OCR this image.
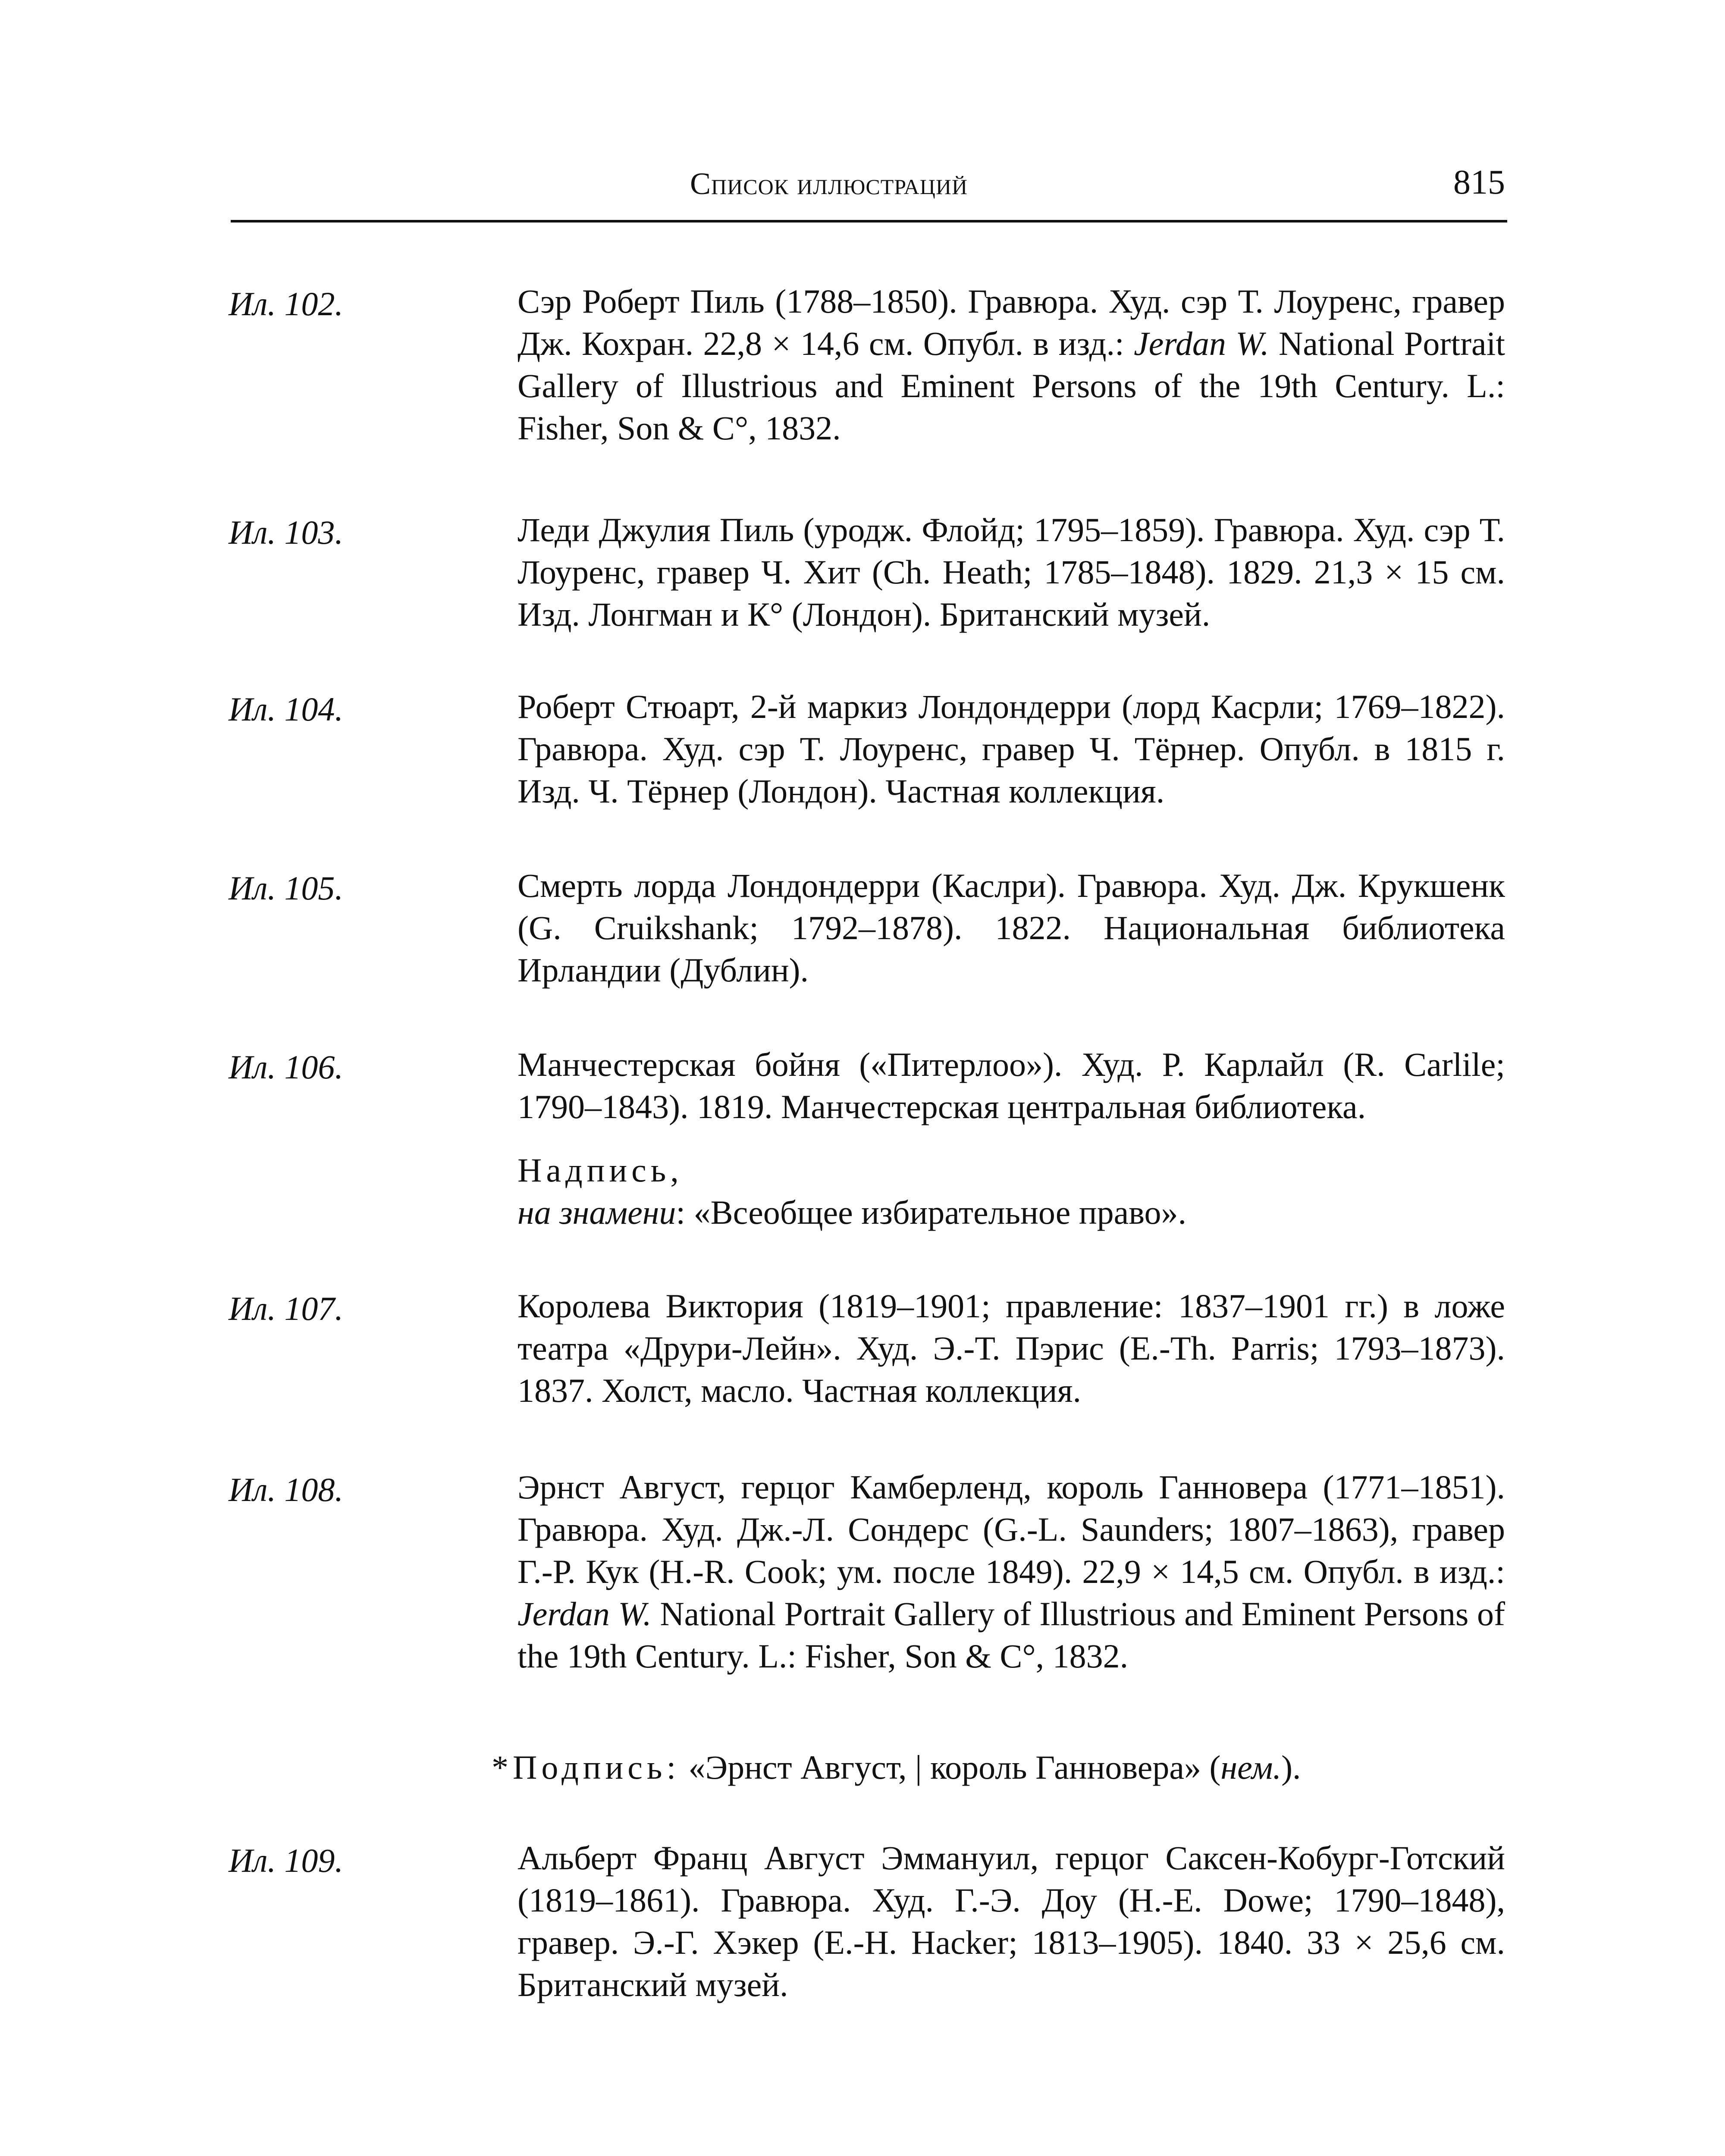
Список иллюстраций	815
Ил. 102.	Сэр Роберт Пиль (1788–1850). Гравюра. Худ. сэр Т. Лоуренс, гравер Дж. Кохран. 22,8 × 14,6 см. Опубл. в изд.: Jerdan W. National Portrait Gallery of Illustrious and Eminent Persons of the 19th Century. L.: Fisher, Son & C°, 1832.
Ил. 103.	Леди Джулия Пиль (уродж. Флойд; 1795–1859). Гравюра. Худ. сэр Т. Лоуренс, гравер Ч. Хит (Ch. Heath; 1785–1848). 1829. 21,3 × 15 см. Изд. Лонгман и К° (Лондон). Британский музей.
Ил. 104.	Роберт Стюарт, 2-й маркиз Лондондерри (лорд Касрли; 1769–1822). Гравюра. Худ. сэр Т. Лоуренс, гравер Ч. Тёрнер. Опубл. в 1815 г. Изд. Ч. Тёрнер (Лондон). Частная коллекция.
Ил. 105.	Смерть лорда Лондондерри (Каслри). Гравюра. Худ. Дж. Крукшенк (G. Cruikshank; 1792–1878). 1822. Национальная библиотека Ирландии (Дублин).
Ил. 106.	Манчестерская бойня («Питерлоо»). Худ. Р. Карлайл (R. Carlile; 1790–1843). 1819. Манчестерская центральная библиотека.
Надпись,
на знамени: «Всеобщее избирательное право».
Ил. 107.	Королева Виктория (1819–1901; правление: 1837–1901 гг.) в ложе театра «Друри-Лейн». Худ. Э.-Т. Пэрис (E.-Th. Parris; 1793–1873). 1837. Холст, масло. Частная коллекция.
Ил. 108.	Эрнст Август, герцог Камберленд, король Ганновера (1771–1851). Гравюра. Худ. Дж.-Л. Сондерс (G.-L. Saunders; 1807–1863), гравер Г.-Р. Кук (H.-R. Cook; ум. после 1849). 22,9 × 14,5 см. Опубл. в изд.: Jerdan W. National Portrait Gallery of Illustrious and Eminent Persons of the 19th Century. L.: Fisher, Son & C°, 1832.
*Подпись: «Эрнст Август, | король Ганновера» (нем.).
Ил. 109.	Альберт Франц Август Эммануил, герцог Саксен-Кобург-Готский (1819–1861). Гравюра. Худ. Г.-Э. Доу (H.-E. Dowe; 1790–1848), гравер. Э.-Г. Хэкер (E.-H. Hacker; 1813–1905). 1840. 33 × 25,6 см. Британский музей.
